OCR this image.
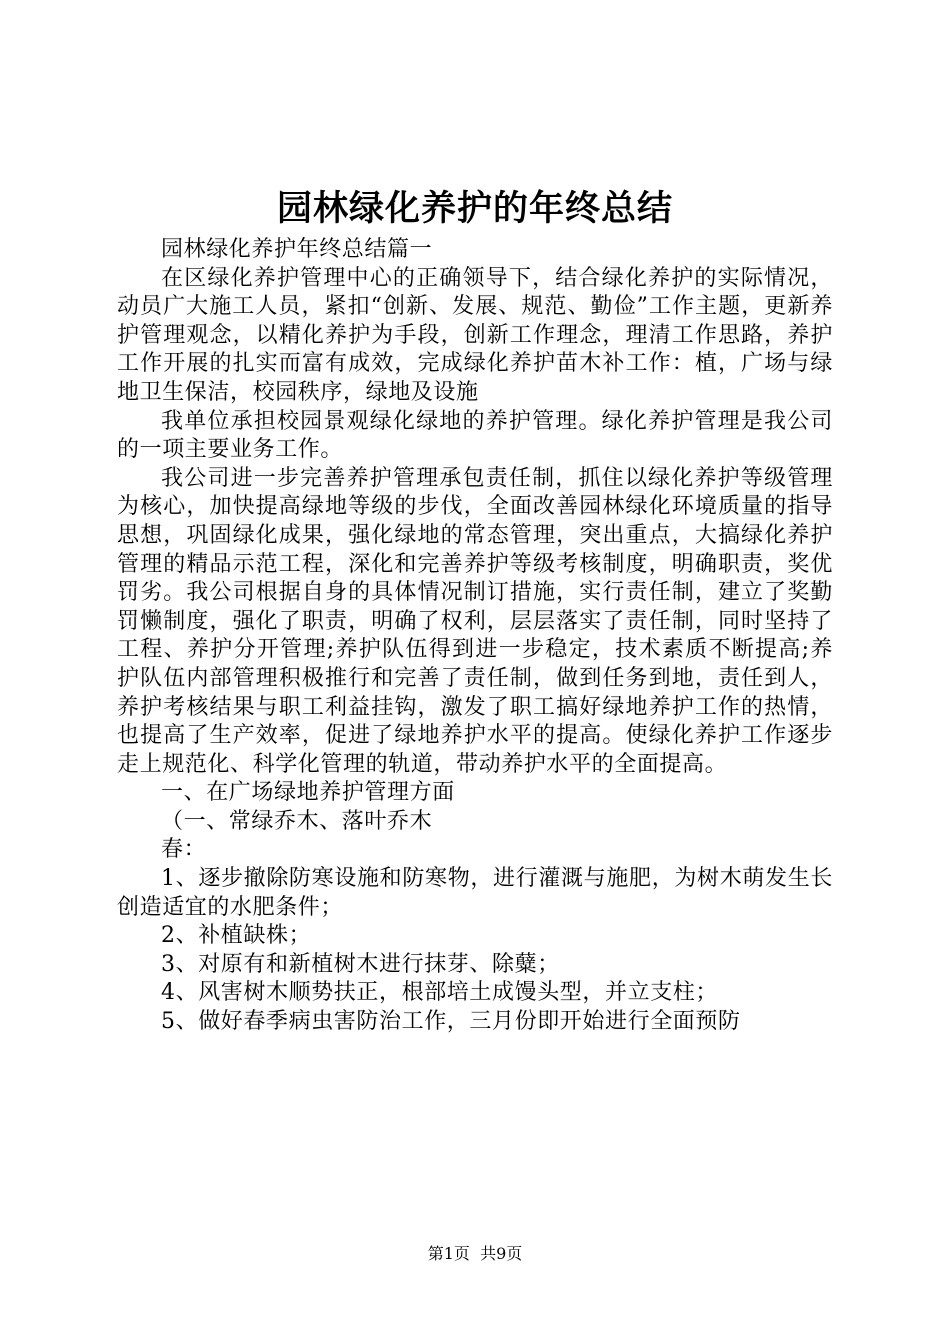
园林绿化养护的年终总结

园林绿化养护年终总结篇一

在区绿化养护管理中心的正确领导下，结合绿化养护的实际情况，动员广大施工人员，紧扣“创新、发展、规范、勤俭”工作主题，更新养护管理观念，以精化养护为手段，创新工作理念，理清工作思路，养护工作开展的扎实而富有成效，完成绿化养护苗木补工作：植，广场与绿地卫生保洁，校园秩序，绿地及设施

我单位承担校园景观绿化绿地的养护管理。绿化养护管理是我公司的一项主要业务工作。

我公司进一步完善养护管理承包责任制，抓住以绿化养护等级管理为核心，加快提高绿地等级的步伐，全面改善园林绿化环境质量的指导思想，巩固绿化成果，强化绿地的常态管理，突出重点，大搞绿化养护管理的精品示范工程，深化和完善养护等级考核制度，明确职责，奖优罚劣。我公司根据自身的具体情况制订措施，实行责任制，建立了奖勤罚懒制度，强化了职责，明确了权利，层层落实了责任制，同时坚持了工程、养护分开管理;养护队伍得到进一步稳定，技术素质不断提高;养护队伍内部管理积极推行和完善了责任制，做到任务到地，责任到人，养护考核结果与职工利益挂钩，激发了职工搞好绿地养护工作的热情，也提高了生产效率，促进了绿地养护水平的提高。使绿化养护工作逐步走上规范化、科学化管理的轨道，带动养护水平的全面提高。

一、在广场绿地养护管理方面

（一、常绿乔木、落叶乔木

春：

1、逐步撤除防寒设施和防寒物，进行灌溉与施肥，为树木萌发生长创造适宜的水肥条件；

2、补植缺株；

3、对原有和新植树木进行抹芽、除糵；

4、风害树木顺势扶正，根部培土成馒头型，并立支柱；

5、做好春季病虫害防治工作，三月份即开始进行全面预防

第1页  共9页
